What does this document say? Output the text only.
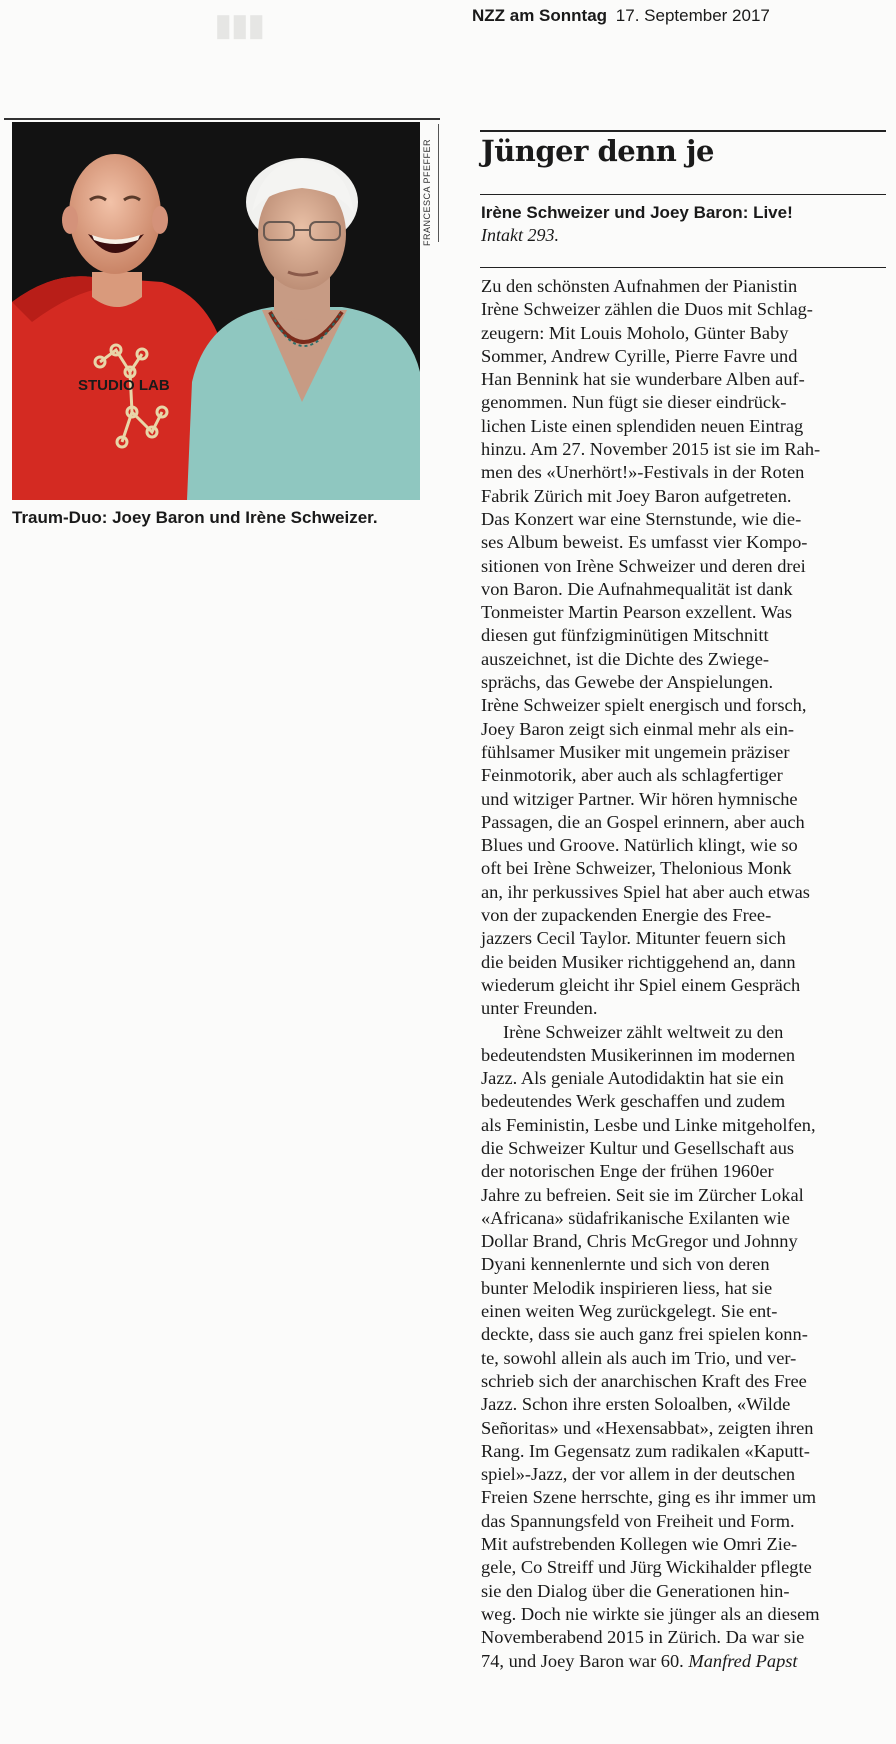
▮▮▮	NZZ am Sonntag 17. September 2017
STUDIO LAB
FRANCESCA PFEFFER
Traum-Duo: Joey Baron und Irène Schweizer.
Jünger denn je
Irène Schweizer und Joey Baron: Live!
Intakt 293.
Zu den schönsten Aufnahmen der Pianistin
Irène Schweizer zählen die Duos mit Schlag-
zeugern: Mit Louis Moholo, Günter Baby
Sommer, Andrew Cyrille, Pierre Favre und
Han Bennink hat sie wunderbare Alben auf-
genommen. Nun fügt sie dieser eindrück-
lichen Liste einen splendiden neuen Eintrag
hinzu. Am 27. November 2015 ist sie im Rah-
men des «Unerhört!»-Festivals in der Roten
Fabrik Zürich mit Joey Baron aufgetreten.
Das Konzert war eine Sternstunde, wie die-
ses Album beweist. Es umfasst vier Kompo-
sitionen von Irène Schweizer und deren drei
von Baron. Die Aufnahmequalität ist dank
Tonmeister Martin Pearson exzellent. Was
diesen gut fünfzigminütigen Mitschnitt
auszeichnet, ist die Dichte des Zwiege-
sprächs, das Gewebe der Anspielungen.
Irène Schweizer spielt energisch und forsch,
Joey Baron zeigt sich einmal mehr als ein-
fühlsamer Musiker mit ungemein präziser
Feinmotorik, aber auch als schlagfertiger
und witziger Partner. Wir hören hymnische
Passagen, die an Gospel erinnern, aber auch
Blues und Groove. Natürlich klingt, wie so
oft bei Irène Schweizer, Thelonious Monk
an, ihr perkussives Spiel hat aber auch etwas
von der zupackenden Energie des Free-
jazzers Cecil Taylor. Mitunter feuern sich
die beiden Musiker richtiggehend an, dann
wiederum gleicht ihr Spiel einem Gespräch
unter Freunden.
Irène Schweizer zählt weltweit zu den
bedeutendsten Musikerinnen im modernen
Jazz. Als geniale Autodidaktin hat sie ein
bedeutendes Werk geschaffen und zudem
als Feministin, Lesbe und Linke mitgeholfen,
die Schweizer Kultur und Gesellschaft aus
der notorischen Enge der frühen 1960er
Jahre zu befreien. Seit sie im Zürcher Lokal
«Africana» südafrikanische Exilanten wie
Dollar Brand, Chris McGregor und Johnny
Dyani kennenlernte und sich von deren
bunter Melodik inspirieren liess, hat sie
einen weiten Weg zurückgelegt. Sie ent-
deckte, dass sie auch ganz frei spielen konn-
te, sowohl allein als auch im Trio, und ver-
schrieb sich der anarchischen Kraft des Free
Jazz. Schon ihre ersten Soloalben, «Wilde
Señoritas» und «Hexensabbat», zeigten ihren
Rang. Im Gegensatz zum radikalen «Kaputt-
spiel»-Jazz, der vor allem in der deutschen
Freien Szene herrschte, ging es ihr immer um
das Spannungsfeld von Freiheit und Form.
Mit aufstrebenden Kollegen wie Omri Zie-
gele, Co Streiff und Jürg Wickihalder pflegte
sie den Dialog über die Generationen hin-
weg. Doch nie wirkte sie jünger als an diesem
Novemberabend 2015 in Zürich. Da war sie
74, und Joey Baron war 60. Manfred Papst
